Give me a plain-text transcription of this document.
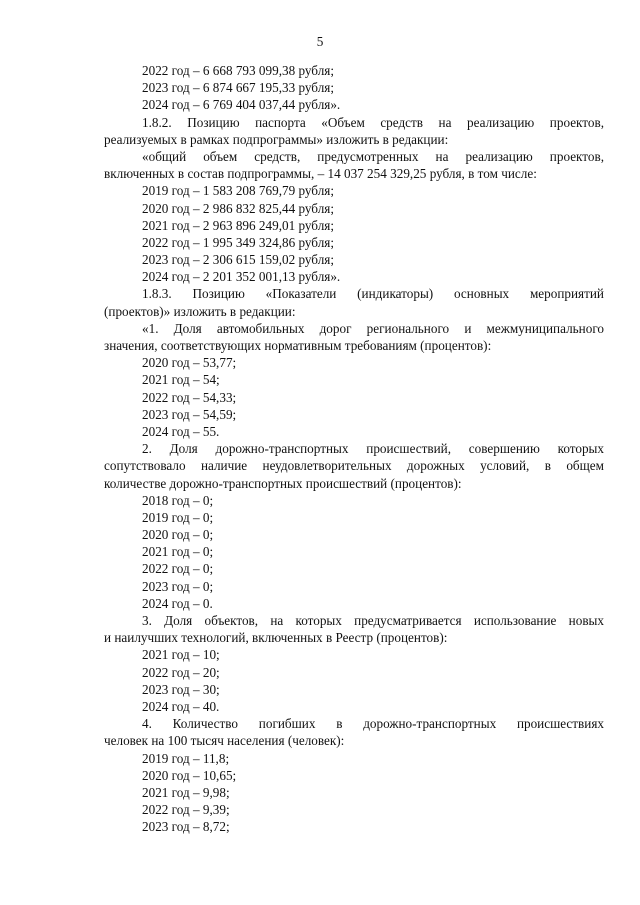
5
2022 год – 6 668 793 099,38 рубля;
2023 год – 6 874 667 195,33 рубля;
2024 год – 6 769 404 037,44 рубля».
1.8.2. Позицию паспорта «Объем средств на реализацию проектов,
реализуемых в рамках подпрограммы» изложить в редакции:
«общий объем средств, предусмотренных на реализацию проектов,
включенных в состав подпрограммы, – 14 037 254 329,25 рубля, в том числе:
2019 год – 1 583 208 769,79 рубля;
2020 год – 2 986 832 825,44 рубля;
2021 год – 2 963 896 249,01 рубля;
2022 год – 1 995 349 324,86 рубля;
2023 год – 2 306 615 159,02 рубля;
2024 год – 2 201 352 001,13 рубля».
1.8.3. Позицию «Показатели (индикаторы) основных мероприятий
(проектов)» изложить в редакции:
«1. Доля автомобильных дорог регионального и межмуниципального
значения, соответствующих нормативным требованиям (процентов):
2020 год – 53,77;
2021 год – 54;
2022 год – 54,33;
2023 год – 54,59;
2024 год – 55.
2. Доля дорожно-транспортных происшествий, совершению которых
сопутствовало наличие неудовлетворительных дорожных условий, в общем
количестве дорожно-транспортных происшествий (процентов):
2018 год – 0;
2019 год – 0;
2020 год – 0;
2021 год – 0;
2022 год – 0;
2023 год – 0;
2024 год – 0.
3. Доля объектов, на которых предусматривается использование новых
и наилучших технологий, включенных в Реестр (процентов):
2021 год – 10;
2022 год – 20;
2023 год – 30;
2024 год – 40.
4. Количество погибших в дорожно-транспортных происшествиях
человек на 100 тысяч населения (человек):
2019 год – 11,8;
2020 год – 10,65;
2021 год – 9,98;
2022 год – 9,39;
2023 год – 8,72;
